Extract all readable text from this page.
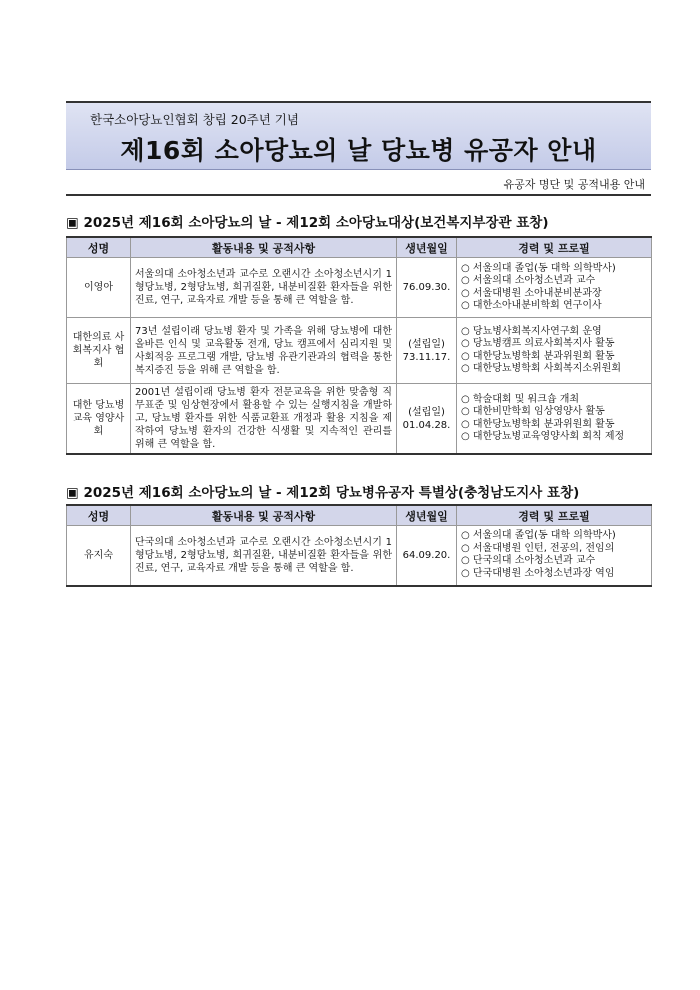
한국소아당뇨인협회 창립 20주년 기념
제16회 소아당뇨의 날 당뇨병 유공자 안내
유공자 명단 및 공적내용 안내
▣ 2025년 제16회 소아당뇨의 날 - 제12회 소아당뇨대상(보건복지부장관 표창)
성명	활동내용 및 공적사항	생년월일	경력 및 프로필
이영아	서울의대 소아청소년과 교수로 오랜시간 소아청소년시기 1형당뇨병, 2형당뇨병, 희귀질환, 내분비질환 환자들을 위한 진료, 연구, 교육자료 개발 등을 통해 큰 역할을 함.	76.09.30.	○ 서울의대 졸업(동 대학 의학박사)
○ 서울의대 소아청소년과 교수
○ 서울대병원 소아내분비분과장
○ 대한소아내분비학회 연구이사

대한의료 사회복지사 협회	73년 설립이래 당뇨병 환자 및 가족을 위해 당뇨병에 대한 올바른 인식 및 교육활동 전개, 당뇨 캠프에서 심리지원 및 사회적응 프로그램 개발, 당뇨병 유관기관과의 협력을 통한 복지증진 등을 위해 큰 역할을 함.	(설립일) 73.11.17.	○ 당뇨병사회복지사연구회 운영
○ 당뇨병캠프 의료사회복지사 활동
○ 대한당뇨병학회 분과위원회 활동
○ 대한당뇨병학회 사회복지소위원회

대한 당뇨병교육 영양사회	2001년 설립이래 당뇨병 환자 전문교육을 위한 맞춤형 직무표준 및 임상현장에서 활용할 수 있는 실행지침을 개발하고, 당뇨병 환자를 위한 식품교환표 개정과 활용 지침을 제작하여 당뇨병 환자의 건강한 식생활 및 지속적인 관리를 위해 큰 역할을 함.	(설립일) 01.04.28.	○ 학술대회 및 워크숍 개최
○ 대한비만학회 임상영양사 활동
○ 대한당뇨병학회 분과위원회 활동
○ 대한당뇨병교육영양사회 회칙 제정
▣ 2025년 제16회 소아당뇨의 날 - 제12회 당뇨병유공자 특별상(충청남도지사 표창)
성명	활동내용 및 공적사항	생년월일	경력 및 프로필
유지숙	단국의대 소아청소년과 교수로 오랜시간 소아청소년시기 1형당뇨병, 2형당뇨병, 희귀질환, 내분비질환 환자들을 위한 진료, 연구, 교육자료 개발 등을 통해 큰 역할을 함.	64.09.20.	○ 서울의대 졸업(동 대학 의학박사)
○ 서울대병원 인턴, 전공의, 전임의
○ 단국의대 소아청소년과 교수
○ 단국대병원 소아청소년과장 역임
